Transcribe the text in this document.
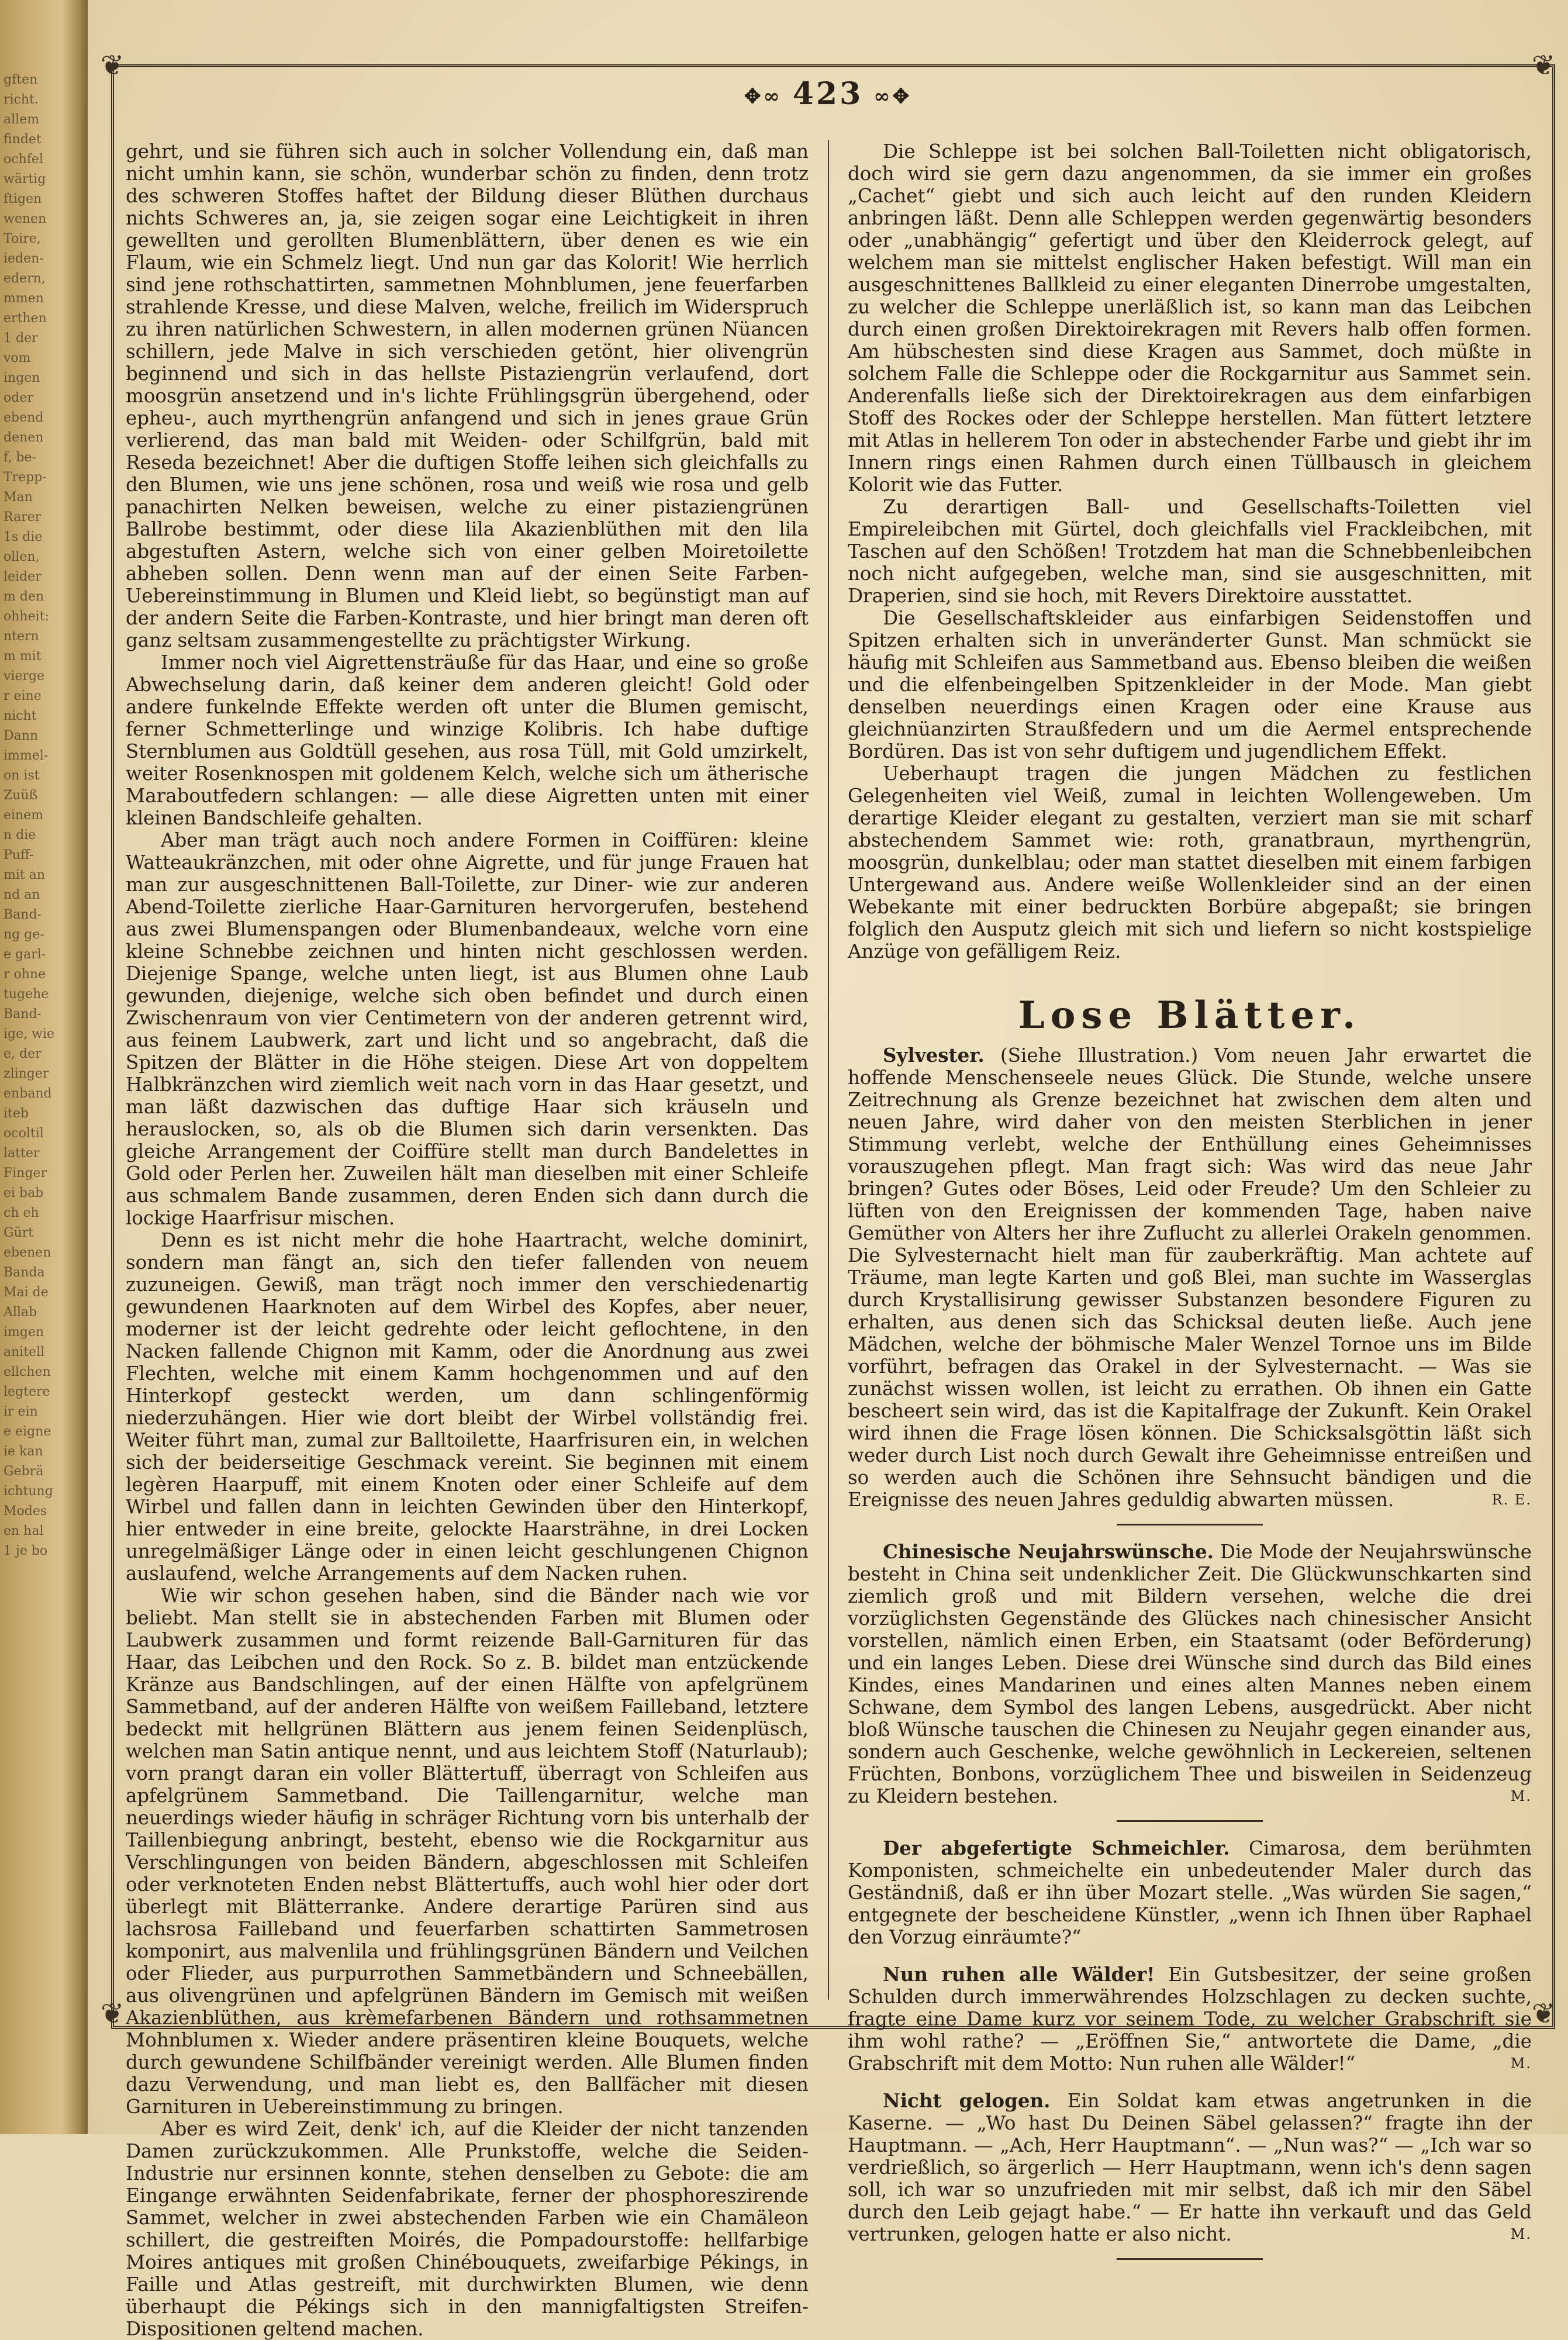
gften
richt.
allem
findet
ochfel
wärtig
ftigen
wenen
Toire,
ieden-
edern,
mmen
erthen
1 der
vom
ingen
oder
ebend
denen
f, be-
Trepp-
Man
Rarer
1s die
ollen,
leider
m den
ohheit:
ntern
m mit
vierge
r eine
nicht
Dann
immel-
on ist
Zuüß
einem
n die
Puff-
mit an
nd an
Band-
ng ge-
e garl-
r ohne
tugehe
Band-
ige, wie
e, der
zlinger
enband
iteb
ocoltil
latter
Finger
ei bab
ch eh
Gürt
ebenen
Banda
Mai de
Allab
imgen
anitell
ellchen
legtere
ir ein
e eigne
ie kan
Gebrä
ichtung
Modes
en hal
1 je bo
❦	❦
❦	❦
✥∞ 423 ∞✥

gehrt, und sie führen sich auch in solcher Vollendung ein, daß man nicht umhin kann, sie schön, wunderbar schön zu finden, denn trotz des schweren Stoffes haftet der Bildung dieser Blüthen durchaus nichts Schweres an, ja, sie zeigen sogar eine Leichtigkeit in ihren gewellten und gerollten Blumenblättern, über denen es wie ein Flaum, wie ein Schmelz liegt. Und nun gar das Kolorit! Wie herrlich sind jene rothschattirten, sammetnen Mohnblumen, jene feuerfarben strahlende Kresse, und diese Malven, welche, freilich im Widerspruch zu ihren natürlichen Schwestern, in allen modernen grünen Nüancen schillern, jede Malve in sich verschieden getönt, hier olivengrün beginnend und sich in das hellste Pistaziengrün verlaufend, dort moosgrün ansetzend und in's lichte Frühlingsgrün übergehend, oder epheu-, auch myrthengrün anfangend und sich in jenes graue Grün verlierend, das man bald mit Weiden- oder Schilfgrün, bald mit Reseda bezeichnet! Aber die duftigen Stoffe leihen sich gleichfalls zu den Blumen, wie uns jene schönen, rosa und weiß wie rosa und gelb panachirten Nelken beweisen, welche zu einer pistaziengrünen Ballrobe bestimmt, oder diese lila Akazienblüthen mit den lila abgestuften Astern, welche sich von einer gelben Moiretoilette abheben sollen. Denn wenn man auf der einen Seite Farben-Uebereinstimmung in Blumen und Kleid liebt, so begünstigt man auf der andern Seite die Farben-Kontraste, und hier bringt man deren oft ganz seltsam zusammengestellte zu prächtigster Wirkung.

Immer noch viel Aigrettensträuße für das Haar, und eine so große Abwechselung darin, daß keiner dem anderen gleicht! Gold oder andere funkelnde Effekte werden oft unter die Blumen gemischt, ferner Schmetterlinge und winzige Kolibris. Ich habe duftige Sternblumen aus Goldtüll gesehen, aus rosa Tüll, mit Gold umzirkelt, weiter Rosenknospen mit goldenem Kelch, welche sich um ätherische Maraboutfedern schlangen: — alle diese Aigretten unten mit einer kleinen Bandschleife gehalten.

Aber man trägt auch noch andere Formen in Coiffüren: kleine Watteaukränzchen, mit oder ohne Aigrette, und für junge Frauen hat man zur ausgeschnittenen Ball-Toilette, zur Diner- wie zur anderen Abend-Toilette zierliche Haar-Garnituren hervorgerufen, bestehend aus zwei Blumenspangen oder Blumenbandeaux, welche vorn eine kleine Schnebbe zeichnen und hinten nicht geschlossen werden. Diejenige Spange, welche unten liegt, ist aus Blumen ohne Laub gewunden, diejenige, welche sich oben befindet und durch einen Zwischenraum von vier Centimetern von der anderen getrennt wird, aus feinem Laubwerk, zart und licht und so angebracht, daß die Spitzen der Blätter in die Höhe steigen. Diese Art von doppeltem Halbkränzchen wird ziemlich weit nach vorn in das Haar gesetzt, und man läßt dazwischen das duftige Haar sich kräuseln und herauslocken, so, als ob die Blumen sich darin versenkten. Das gleiche Arrangement der Coiffüre stellt man durch Bandelettes in Gold oder Perlen her. Zuweilen hält man dieselben mit einer Schleife aus schmalem Bande zusammen, deren Enden sich dann durch die lockige Haarfrisur mischen.

Denn es ist nicht mehr die hohe Haartracht, welche dominirt, sondern man fängt an, sich den tiefer fallenden von neuem zuzuneigen. Gewiß, man trägt noch immer den verschiedenartig gewundenen Haarknoten auf dem Wirbel des Kopfes, aber neuer, moderner ist der leicht gedrehte oder leicht geflochtene, in den Nacken fallende Chignon mit Kamm, oder die Anordnung aus zwei Flechten, welche mit einem Kamm hochgenommen und auf den Hinterkopf gesteckt werden, um dann schlingenförmig niederzuhängen. Hier wie dort bleibt der Wirbel vollständig frei. Weiter führt man, zumal zur Balltoilette, Haarfrisuren ein, in welchen sich der beiderseitige Geschmack vereint. Sie beginnen mit einem legèren Haarpuff, mit einem Knoten oder einer Schleife auf dem Wirbel und fallen dann in leichten Gewinden über den Hinterkopf, hier entweder in eine breite, gelockte Haarsträhne, in drei Locken unregelmäßiger Länge oder in einen leicht geschlungenen Chignon auslaufend, welche Arrangements auf dem Nacken ruhen.

Wie wir schon gesehen haben, sind die Bänder nach wie vor beliebt. Man stellt sie in abstechenden Farben mit Blumen oder Laubwerk zusammen und formt reizende Ball-Garnituren für das Haar, das Leibchen und den Rock. So z. B. bildet man entzückende Kränze aus Bandschlingen, auf der einen Hälfte von apfelgrünem Sammetband, auf der anderen Hälfte von weißem Failleband, letztere bedeckt mit hellgrünen Blättern aus jenem feinen Seidenplüsch, welchen man Satin antique nennt, und aus leichtem Stoff (Naturlaub); vorn prangt daran ein voller Blättertuff, überragt von Schleifen aus apfelgrünem Sammetband. Die Taillengarnitur, welche man neuerdings wieder häufig in schräger Richtung vorn bis unterhalb der Taillenbiegung anbringt, besteht, ebenso wie die Rockgarnitur aus Verschlingungen von beiden Bändern, abgeschlossen mit Schleifen oder verknoteten Enden nebst Blättertuffs, auch wohl hier oder dort überlegt mit Blätterranke. Andere derartige Parüren sind aus lachsrosa Failleband und feuerfarben schattirten Sammetrosen komponirt, aus malvenlila und frühlingsgrünen Bändern und Veilchen oder Flieder, aus purpurrothen Sammetbändern und Schneebällen, aus olivengrünen und apfelgrünen Bändern im Gemisch mit weißen Akazienblüthen, aus krèmefarbenen Bändern und rothsammetnen Mohnblumen x. Wieder andere präsentiren kleine Bouquets, welche durch gewundene Schilfbänder vereinigt werden. Alle Blumen finden dazu Verwendung, und man liebt es, den Ballfächer mit diesen Garnituren in Uebereinstimmung zu bringen.

Aber es wird Zeit, denk' ich, auf die Kleider der nicht tanzenden Damen zurückzukommen. Alle Prunkstoffe, welche die Seiden-Industrie nur ersinnen konnte, stehen denselben zu Gebote: die am Eingange erwähnten Seidenfabrikate, ferner der phosphoreszirende Sammet, welcher in zwei abstechenden Farben wie ein Chamäleon schillert, die gestreiften Moirés, die Pompadourstoffe: hellfarbige Moires antiques mit großen Chinébouquets, zweifarbige Pékings, in Faille und Atlas gestreift, mit durchwirkten Blumen, wie denn überhaupt die Pékings sich in den mannigfaltigsten Streifen-Dispositionen geltend machen.

Die Schleppe ist bei solchen Ball-Toiletten nicht obligatorisch, doch wird sie gern dazu angenommen, da sie immer ein großes „Cachet“ giebt und sich auch leicht auf den runden Kleidern anbringen läßt. Denn alle Schleppen werden gegenwärtig besonders oder „unabhängig“ gefertigt und über den Kleiderrock gelegt, auf welchem man sie mittelst englischer Haken befestigt. Will man ein ausgeschnittenes Ballkleid zu einer eleganten Dinerrobe umgestalten, zu welcher die Schleppe unerläßlich ist, so kann man das Leibchen durch einen großen Direktoirekragen mit Revers halb offen formen. Am hübschesten sind diese Kragen aus Sammet, doch müßte in solchem Falle die Schleppe oder die Rockgarnitur aus Sammet sein. Anderenfalls ließe sich der Direktoirekragen aus dem einfarbigen Stoff des Rockes oder der Schleppe herstellen. Man füttert letztere mit Atlas in hellerem Ton oder in abstechender Farbe und giebt ihr im Innern rings einen Rahmen durch einen Tüllbausch in gleichem Kolorit wie das Futter.

Zu derartigen Ball- und Gesellschafts-Toiletten viel Empireleibchen mit Gürtel, doch gleichfalls viel Frackleibchen, mit Taschen auf den Schößen! Trotzdem hat man die Schnebbenleibchen noch nicht aufgegeben, welche man, sind sie ausgeschnitten, mit Draperien, sind sie hoch, mit Revers Direktoire ausstattet.

Die Gesellschaftskleider aus einfarbigen Seidenstoffen und Spitzen erhalten sich in unveränderter Gunst. Man schmückt sie häufig mit Schleifen aus Sammetband aus. Ebenso bleiben die weißen und die elfenbeingelben Spitzenkleider in der Mode. Man giebt denselben neuerdings einen Kragen oder eine Krause aus gleichnüanzirten Straußfedern und um die Aermel entsprechende Bordüren. Das ist von sehr duftigem und jugendlichem Effekt.

Ueberhaupt tragen die jungen Mädchen zu festlichen Gelegenheiten viel Weiß, zumal in leichten Wollengeweben. Um derartige Kleider elegant zu gestalten, verziert man sie mit scharf abstechendem Sammet wie: roth, granatbraun, myrthengrün, moosgrün, dunkelblau; oder man stattet dieselben mit einem farbigen Untergewand aus. Andere weiße Wollenkleider sind an der einen Webekante mit einer bedruckten Borbüre abgepaßt; sie bringen folglich den Ausputz gleich mit sich und liefern so nicht kostspielige Anzüge von gefälligem Reiz.

Lose Blätter.

Sylvester. (Siehe Illustration.) Vom neuen Jahr erwartet die hoffende Menschenseele neues Glück. Die Stunde, welche unsere Zeitrechnung als Grenze bezeichnet hat zwischen dem alten und neuen Jahre, wird daher von den meisten Sterblichen in jener Stimmung verlebt, welche der Enthüllung eines Geheimnisses vorauszugehen pflegt. Man fragt sich: Was wird das neue Jahr bringen? Gutes oder Böses, Leid oder Freude? Um den Schleier zu lüften von den Ereignissen der kommenden Tage, haben naive Gemüther von Alters her ihre Zuflucht zu allerlei Orakeln genommen. Die Sylvesternacht hielt man für zauberkräftig. Man achtete auf Träume, man legte Karten und goß Blei, man suchte im Wasserglas durch Krystallisirung gewisser Substanzen besondere Figuren zu erhalten, aus denen sich das Schicksal deuten ließe. Auch jene Mädchen, welche der böhmische Maler Wenzel Tornoe uns im Bilde vorführt, befragen das Orakel in der Sylvesternacht. — Was sie zunächst wissen wollen, ist leicht zu errathen. Ob ihnen ein Gatte bescheert sein wird, das ist die Kapitalfrage der Zukunft. Kein Orakel wird ihnen die Frage lösen können. Die Schicksalsgöttin läßt sich weder durch List noch durch Gewalt ihre Geheimnisse entreißen und so werden auch die Schönen ihre Sehnsucht bändigen und die Ereignisse des neuen Jahres geduldig abwarten müssen.	R. E.

Chinesische Neujahrswünsche. Die Mode der Neujahrswünsche besteht in China seit undenklicher Zeit. Die Glückwunschkarten sind ziemlich groß und mit Bildern versehen, welche die drei vorzüglichsten Gegenstände des Glückes nach chinesischer Ansicht vorstellen, nämlich einen Erben, ein Staatsamt (oder Beförderung) und ein langes Leben. Diese drei Wünsche sind durch das Bild eines Kindes, eines Mandarinen und eines alten Mannes neben einem Schwane, dem Symbol des langen Lebens, ausgedrückt. Aber nicht bloß Wünsche tauschen die Chinesen zu Neujahr gegen einander aus, sondern auch Geschenke, welche gewöhnlich in Leckereien, seltenen Früchten, Bonbons, vorzüglichem Thee und bisweilen in Seidenzeug zu Kleidern bestehen.	M.

Der abgefertigte Schmeichler. Cimarosa, dem berühmten Komponisten, schmeichelte ein unbedeutender Maler durch das Geständniß, daß er ihn über Mozart stelle. „Was würden Sie sagen,“ entgegnete der bescheidene Künstler, „wenn ich Ihnen über Raphael den Vorzug einräumte?“

Nun ruhen alle Wälder! Ein Gutsbesitzer, der seine großen Schulden durch immerwährendes Holzschlagen zu decken suchte, fragte eine Dame kurz vor seinem Tode, zu welcher Grabschrift sie ihm wohl rathe? — „Eröffnen Sie,“ antwortete die Dame, „die Grabschrift mit dem Motto: Nun ruhen alle Wälder!“	M.

Nicht gelogen. Ein Soldat kam etwas angetrunken in die Kaserne. — „Wo hast Du Deinen Säbel gelassen?“ fragte ihn der Hauptmann. — „Ach, Herr Hauptmann“. — „Nun was?“ — „Ich war so verdrießlich, so ärgerlich — Herr Hauptmann, wenn ich's denn sagen soll, ich war so unzufrieden mit mir selbst, daß ich mir den Säbel durch den Leib gejagt habe.“ — Er hatte ihn verkauft und das Geld vertrunken, gelogen hatte er also nicht.	M.
